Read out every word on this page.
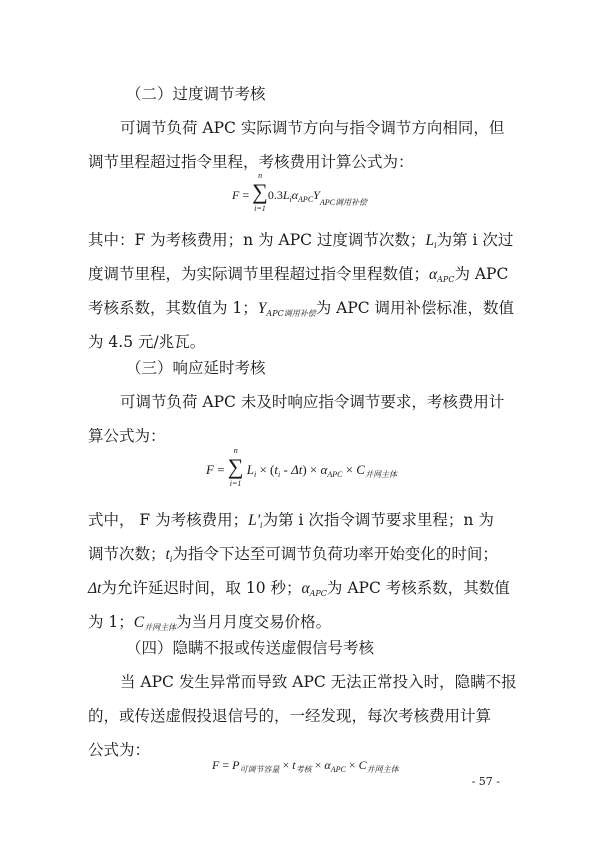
（二）过度调节考核
可调节负荷 APC 实际调节方向与指令调节方向相同，但
调节里程超过指令里程，考核费用计算公式为：
F = ∑
n
i=1
$0.3L_i\alpha_{APC}Y_{APC调用补偿}$
其中：F 为考核费用；n 为 APC 过度调节次数；$L_i$为第 i 次过
度调节里程，为实际调节里程超过指令里程数值；$\alpha_{APC}$为 APC
考核系数，其数值为 1；$Y_{APC调用补偿}$为 APC 调用补偿标准，数值
为 4.5 元/兆瓦。
（三）响应延时考核
可调节负荷 APC 未及时响应指令调节要求，考核费用计
算公式为：
F = ∑
n
i=1
$L_i \times (t_i - \Delta t) \times \alpha_{APC} \times C_{并网主体}$
式中， F 为考核费用；$L'_i$为第 i 次指令调节要求里程；n 为
调节次数；$t_i$为指令下达至可调节负荷功率开始变化的时间；
Δt为允许延迟时间，取 10 秒；$\alpha_{APC}$为 APC 考核系数，其数值
为 1；$C_{并网主体}$为当月月度交易价格。
（四）隐瞒不报或传送虚假信号考核
当 APC 发生异常而导致 APC 无法正常投入时，隐瞒不报
的，或传送虚假投退信号的，一经发现，每次考核费用计算
公式为：
$F = P_{可调节容量} \times t_{考核} \times \alpha_{APC} \times C_{并网主体}$
- 57 -
